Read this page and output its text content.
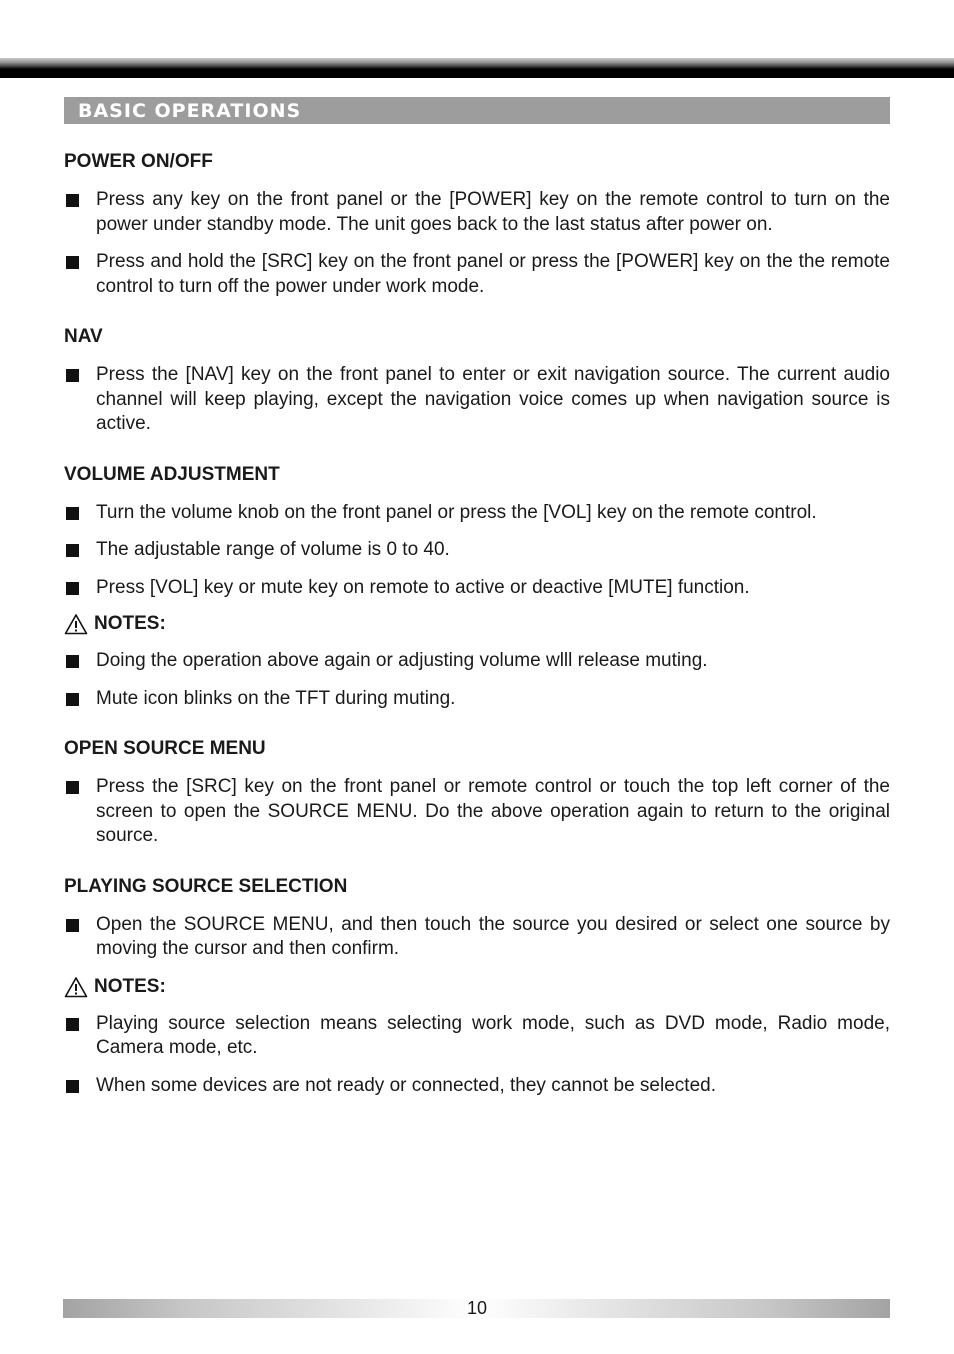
BASIC OPERATIONS

POWER ON/OFF

Press any key on the front panel or the [POWER] key on the remote control to turn on the power under standby mode. The unit goes back to the last status after power on.

Press and hold the [SRC] key on the front panel or press the [POWER] key on the the remote control to turn off the power under work mode.

NAV

Press the [NAV] key on the front panel to enter or exit navigation source. The current audio channel will keep playing, except the navigation voice comes up when navigation source is active.

VOLUME ADJUSTMENT

Turn the volume knob on the front panel or press the [VOL] key on the remote control.

The adjustable range of volume is 0 to 40.

Press [VOL] key or mute key on remote to active or deactive [MUTE] function.

NOTES:

Doing the operation above again or adjusting volume wlll release muting.

Mute icon blinks on the TFT during muting.

OPEN SOURCE MENU

Press the [SRC] key on the front panel or remote control or touch the top left corner of the screen to open the SOURCE MENU. Do the above operation again to return to the original source.

PLAYING SOURCE SELECTION

Open the SOURCE MENU, and then touch the source you desired or select one source by moving the cursor and then confirm.

NOTES:

Playing source selection means selecting work mode, such as DVD mode, Radio mode, Camera mode, etc.

When some devices are not ready or connected, they cannot be selected.

10
